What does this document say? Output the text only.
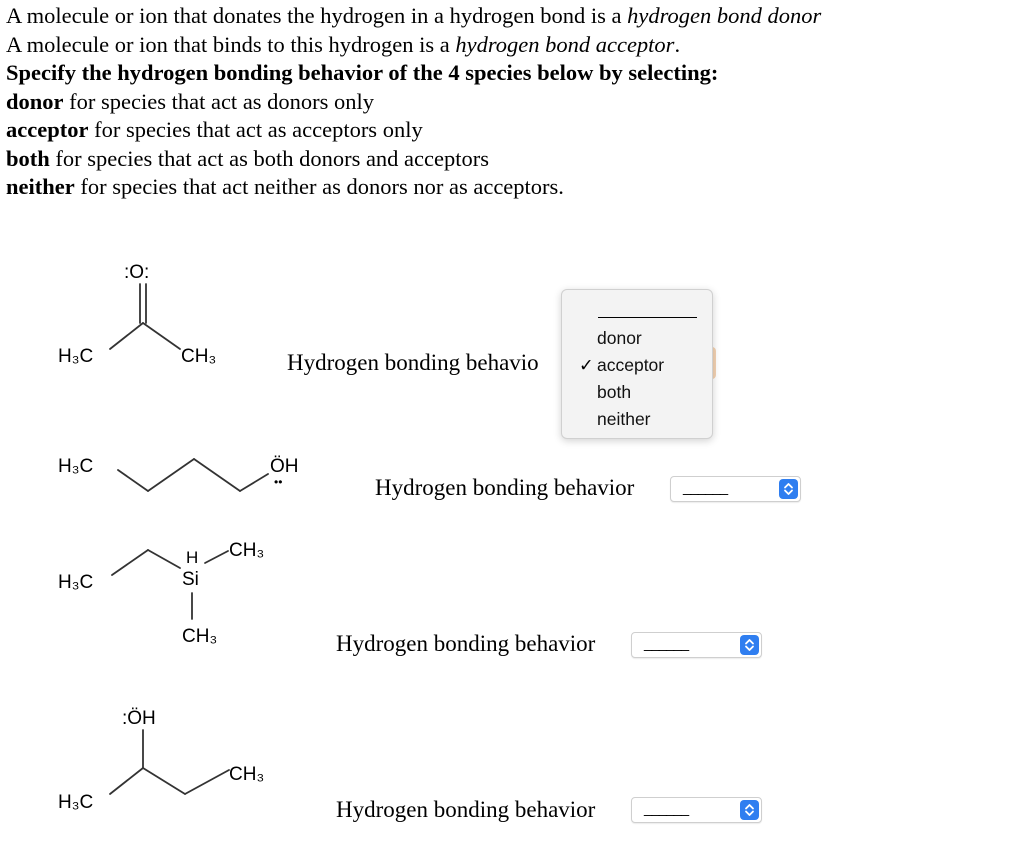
A molecule or ion that donates the hydrogen in a hydrogen bond is a hydrogen bond donor

A molecule or ion that binds to this hydrogen is a hydrogen bond acceptor.

Specify the hydrogen bonding behavior of the 4 species below by selecting:

donor for species that act as donors only

acceptor for species that act as acceptors only

both for species that act as both donors and acceptors

neither for species that act neither as donors nor as acceptors.

:O:
H₃C	CH₃
H₃C	ÖH
••
H₃C
H
Si
CH₃
CH₃
:ÖH
H₃C
CH₃
Hydrogen bonding behavio
Hydrogen bonding behavior	______
Hydrogen bonding behavior	______
Hydrogen bonding behavior	______
donor
✓ acceptor
both
neither
